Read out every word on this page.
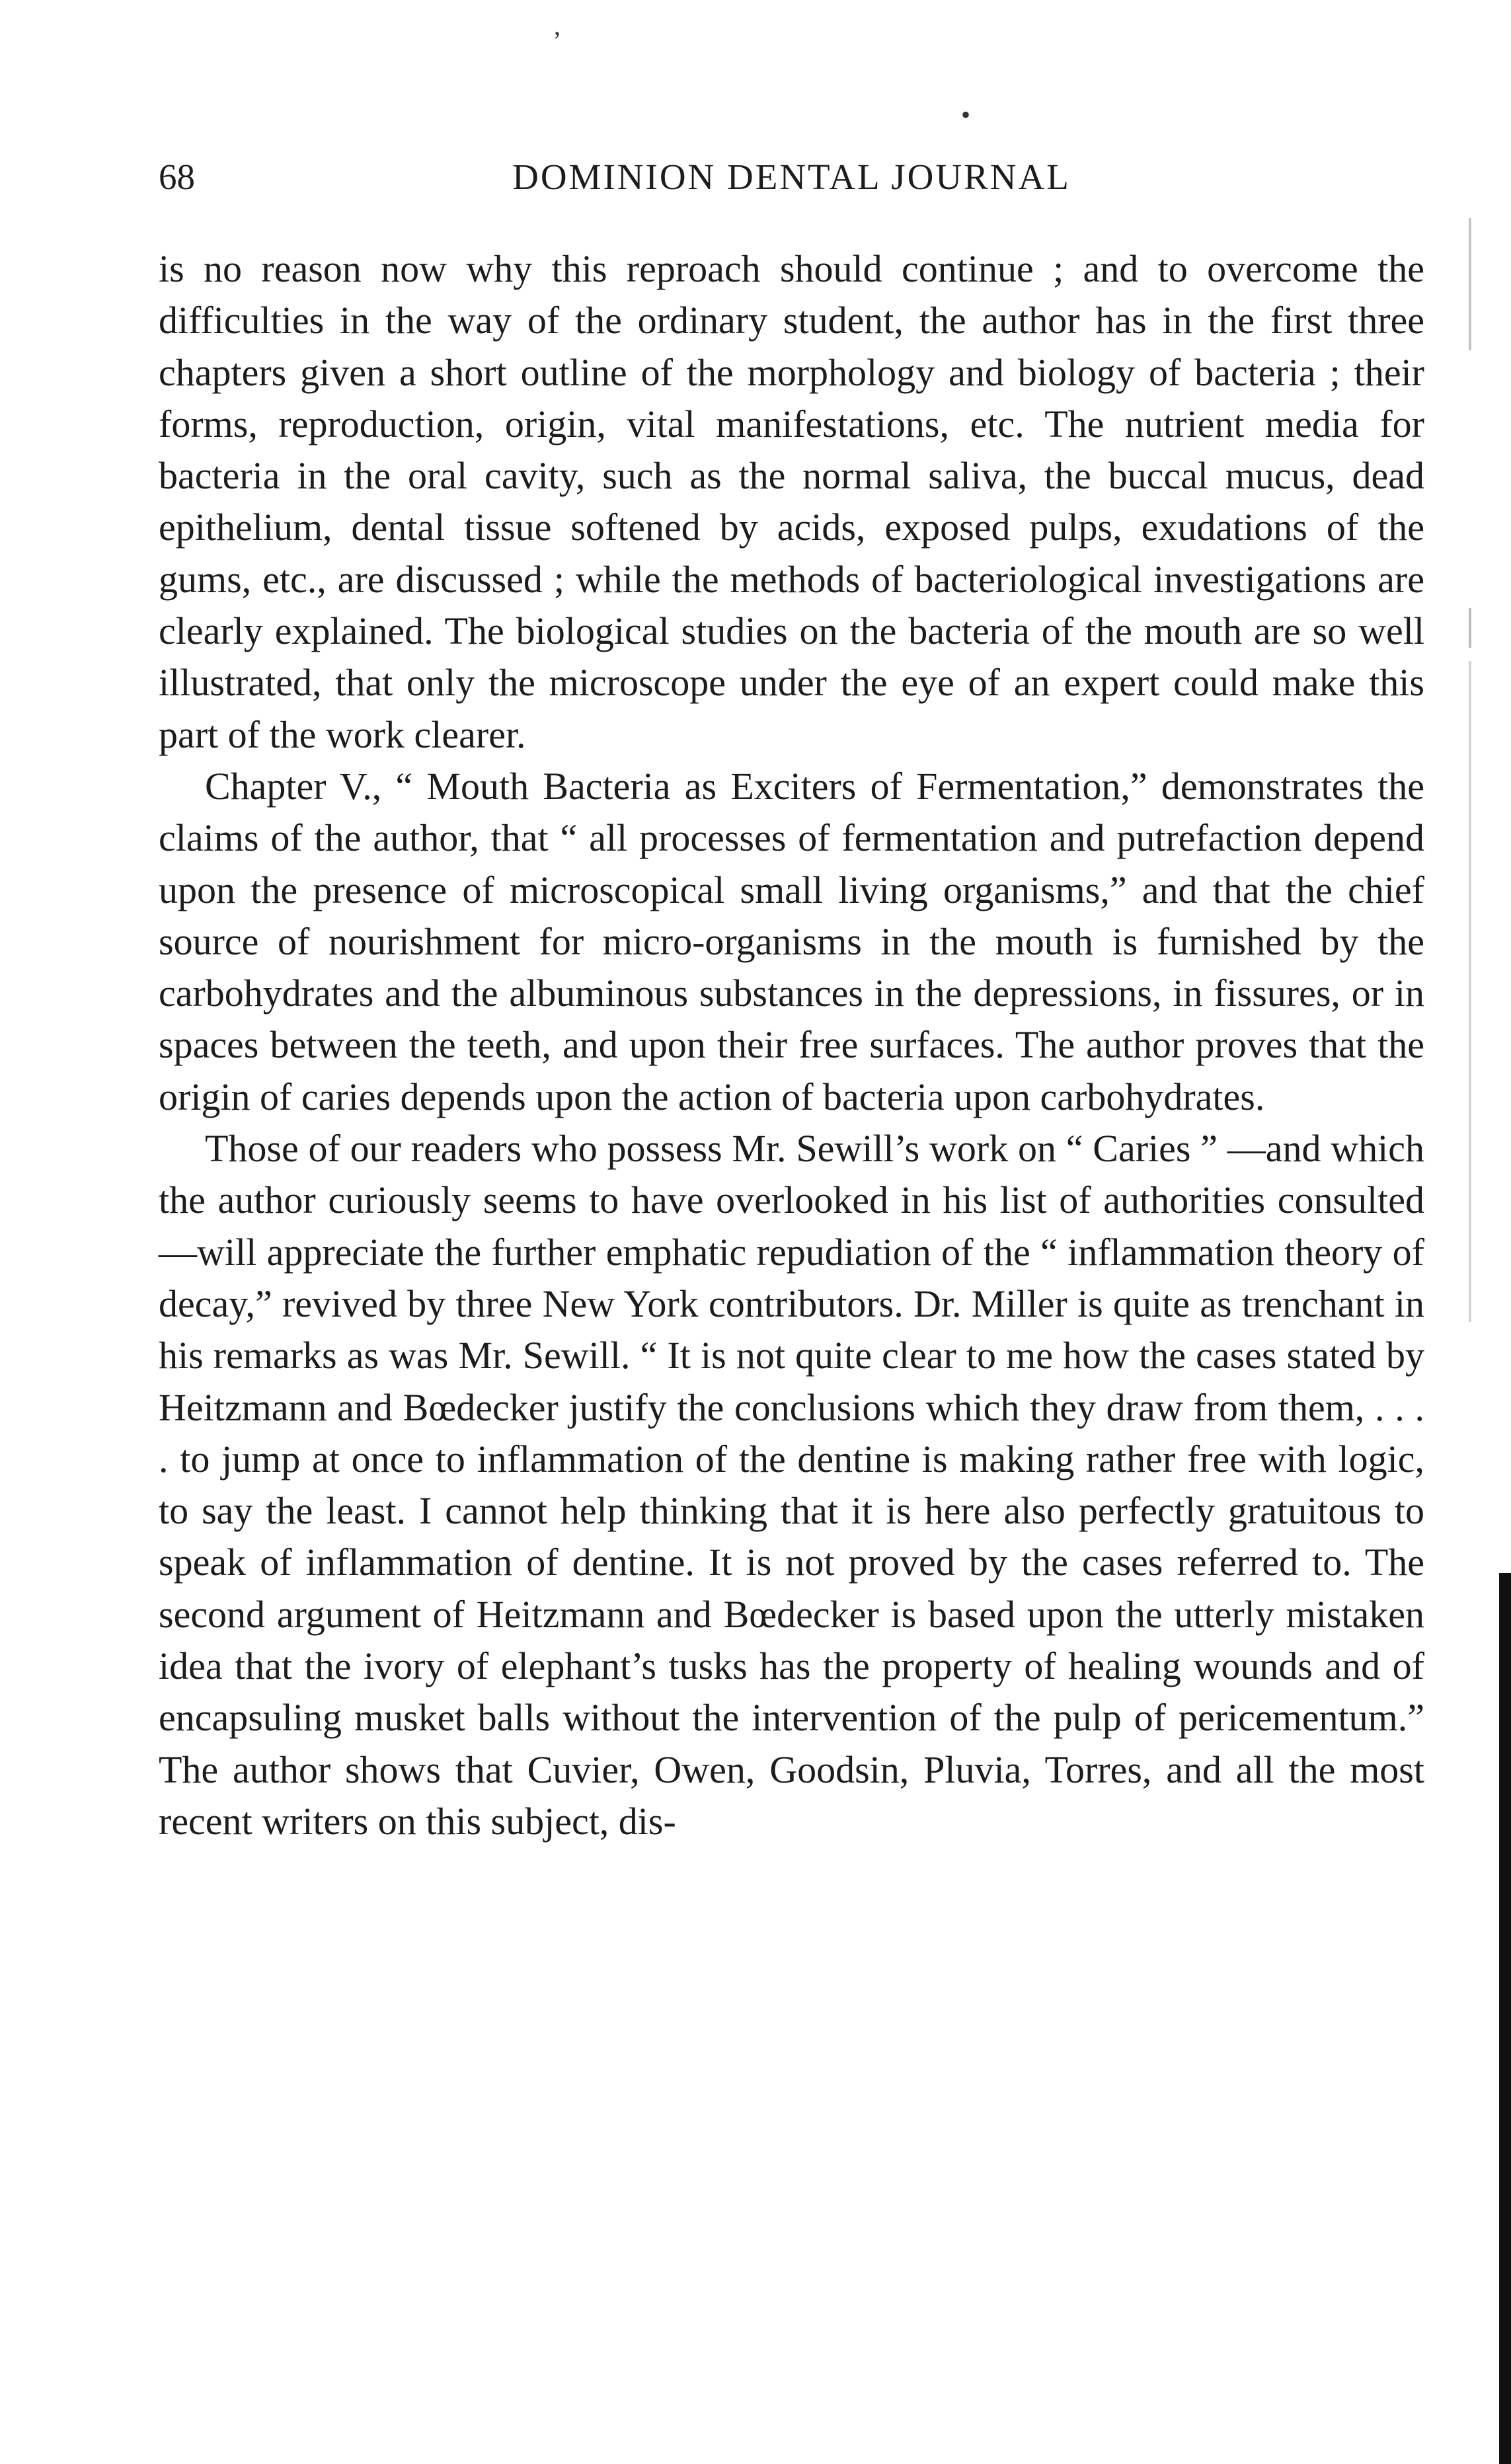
’
•
68	DOMINION DENTAL JOURNAL

is no reason now why this reproach should continue ; and to overcome the difficulties in the way of the ordinary student, the author has in the first three chapters given a short outline of the morphology and biology of bacteria ; their forms, reproduction, origin, vital manifestations, etc. The nutrient media for bacteria in the oral cavity, such as the normal saliva, the buccal mucus, dead epithelium, dental tissue softened by acids, exposed pulps, exudations of the gums, etc., are discussed ; while the methods of bacteriological investigations are clearly explained. The biological studies on the bacteria of the mouth are so well illustrated, that only the microscope under the eye of an expert could make this part of the work clearer.

Chapter V., “ Mouth Bacteria as Exciters of Fermentation,” demonstrates the claims of the author, that “ all processes of fermentation and putrefaction depend upon the presence of microscopical small living organisms,” and that the chief source of nourishment for micro-organisms in the mouth is furnished by the carbohydrates and the albuminous substances in the depressions, in fissures, or in spaces between the teeth, and upon their free surfaces. The author proves that the origin of caries depends upon the action of bacteria upon carbohydrates.

Those of our readers who possess Mr. Sewill’s work on “ Caries ” —and which the author curiously seems to have overlooked in his list of authorities consulted—will appreciate the further emphatic repudiation of the “ inflammation theory of decay,” revived by three New York contributors. Dr. Miller is quite as trenchant in his remarks as was Mr. Sewill. “ It is not quite clear to me how the cases stated by Heitzmann and Bœdecker justify the conclusions which they draw from them, . . . . to jump at once to inflammation of the dentine is making rather free with logic, to say the least. I cannot help thinking that it is here also perfectly gratuitous to speak of inflammation of dentine. It is not proved by the cases referred to. The second argument of Heitzmann and Bœdecker is based upon the utterly mistaken idea that the ivory of elephant’s tusks has the property of healing wounds and of encapsuling musket balls without the intervention of the pulp of pericementum.” The author shows that Cuvier, Owen, Goodsin, Pluvia, Torres, and all the most recent writers on this subject, dis-
